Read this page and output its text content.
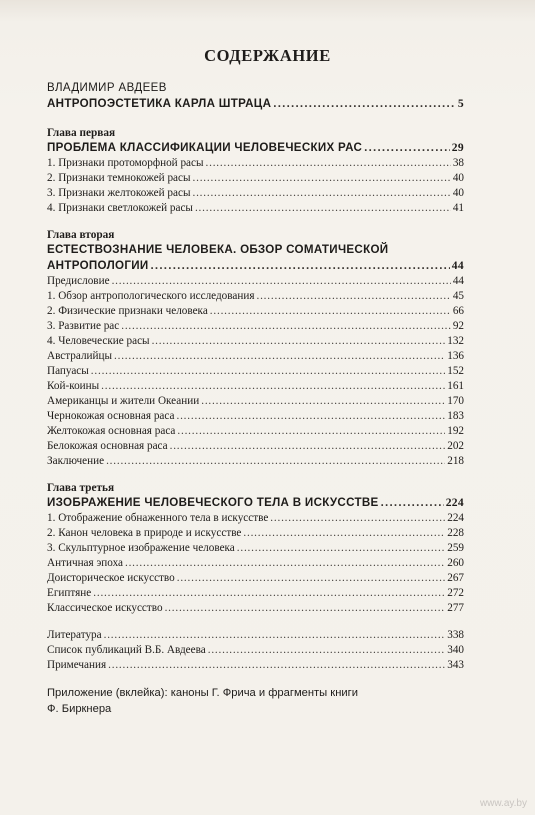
СОДЕРЖАНИЕ
ВЛАДИМИР АВДЕЕВ
АНТРОПОЭСТЕТИКА КАРЛА ШТРАЦА . . .	5
Глава первая
ПРОБЛЕМА КЛАССИФИКАЦИИ ЧЕЛОВЕЧЕСКИХ РАС . . .	29
1. Признаки протоморфной расы . . .	38
2. Признаки темнокожей расы . . .	40
3. Признаки желтокожей расы . . .	40
4. Признаки светлокожей расы . . .	41
Глава вторая
ЕСТЕСТВОЗНАНИЕ ЧЕЛОВЕКА. ОБЗОР СОМАТИЧЕСКОЙ
АНТРОПОЛОГИИ . . .	44
Предисловие . . .	44
1. Обзор антропологического исследования . . .	45
2. Физические признаки человека . . .	66
3. Развитие рас . . .	92
4. Человеческие расы . . .	132
Австралийцы . . .	136
Папуасы . . .	152
Кой-коины . . .	161
Американцы и жители Океании . . .	170
Чернокожая основная раса . . .	183
Желтокожая основная раса . . .	192
Белокожая основная раса . . .	202
Заключение . . .	218
Глава третья
ИЗОБРАЖЕНИЕ ЧЕЛОВЕЧЕСКОГО ТЕЛА В ИСКУССТВЕ . . .	224
1. Отображение обнаженного тела в искусстве . . .	224
2. Канон человека в природе и искусстве . . .	228
3. Скульптурное изображение человека . . .	259
Античная эпоха . . .	260
Доисторическое искусство . . .	267
Египтяне . . .	272
Классическое искусство . . .	277
Литература . . .	338
Список публикаций В.Б. Авдеева . . .	340
Примечания . . .	343
Приложение (вклейка): каноны Г. Фрича и фрагменты книги
Ф. Биркнера
www.ay.by
